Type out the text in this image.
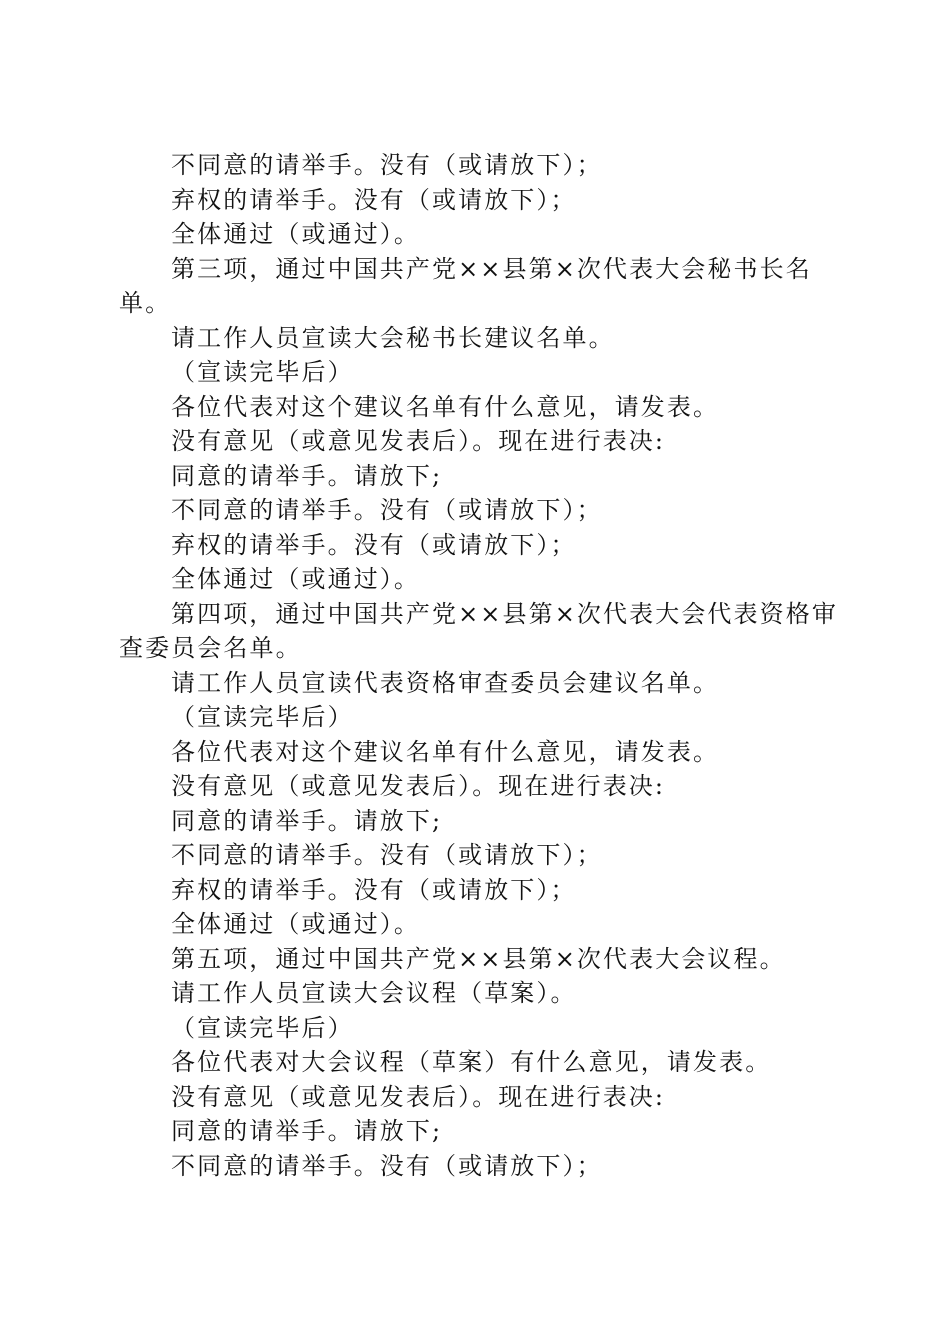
不同意的请举手。没有（或请放下）；

弃权的请举手。没有（或请放下）；

全体通过（或通过）。

第三项，通过中国共产党××县第×次代表大会秘书长名单。

请工作人员宣读大会秘书长建议名单。

（宣读完毕后）

各位代表对这个建议名单有什么意见，请发表。

没有意见（或意见发表后）。现在进行表决:

同意的请举手。请放下;

不同意的请举手。没有（或请放下）；

弃权的请举手。没有（或请放下）；

全体通过（或通过）。

第四项，通过中国共产党××县第×次代表大会代表资格审查委员会名单。

请工作人员宣读代表资格审查委员会建议名单。

（宣读完毕后）

各位代表对这个建议名单有什么意见，请发表。

没有意见（或意见发表后）。现在进行表决:

同意的请举手。请放下;

不同意的请举手。没有（或请放下）；

弃权的请举手。没有（或请放下）；

全体通过（或通过）。

第五项，通过中国共产党××县第×次代表大会议程。

请工作人员宣读大会议程（草案）。

（宣读完毕后）

各位代表对大会议程（草案）有什么意见，请发表。

没有意见（或意见发表后）。现在进行表决:

同意的请举手。请放下;

不同意的请举手。没有（或请放下）；
